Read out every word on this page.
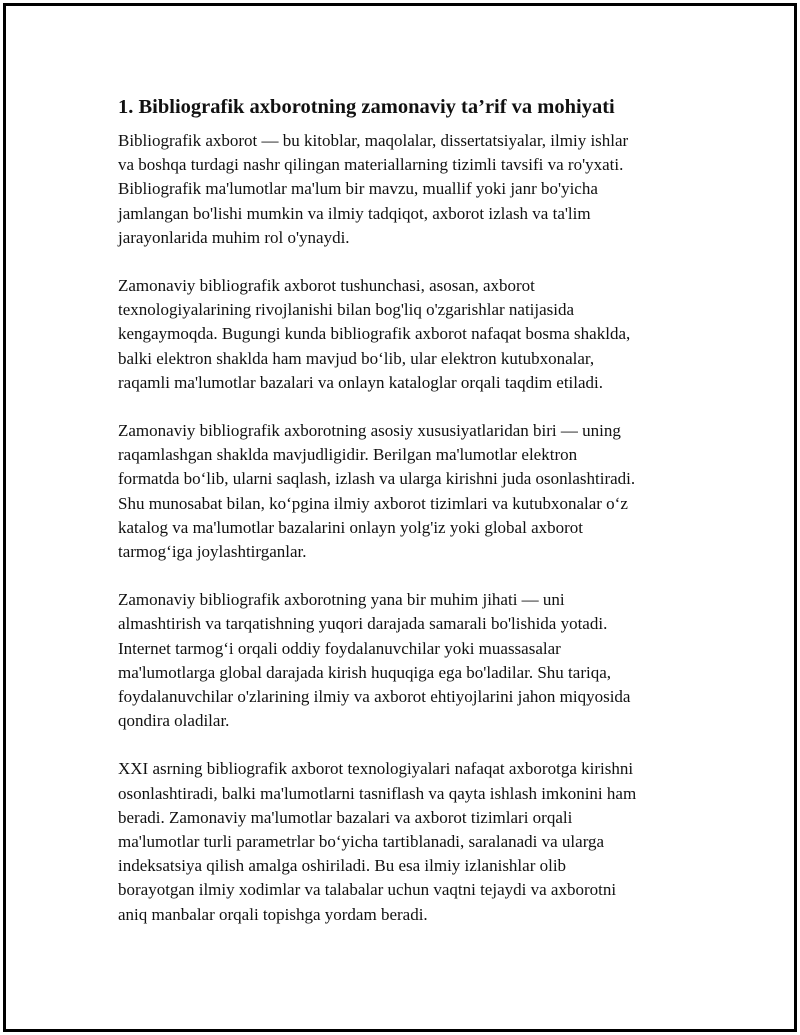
1. Bibliografik axborotning zamonaviy ta’rif va mohiyati

Bibliografik axborot — bu kitoblar, maqolalar, dissertatsiyalar, ilmiy ishlar
va boshqa turdagi nashr qilingan materiallarning tizimli tavsifi va ro'yxati.
Bibliografik ma'lumotlar ma'lum bir mavzu, muallif yoki janr bo'yicha
jamlangan bo'lishi mumkin va ilmiy tadqiqot, axborot izlash va ta'lim
jarayonlarida muhim rol o'ynaydi.

Zamonaviy bibliografik axborot tushunchasi, asosan, axborot
texnologiyalarining rivojlanishi bilan bog'liq o'zgarishlar natijasida
kengaymoqda. Bugungi kunda bibliografik axborot nafaqat bosma shaklda,
balki elektron shaklda ham mavjud bo‘lib, ular elektron kutubxonalar,
raqamli ma'lumotlar bazalari va onlayn kataloglar orqali taqdim etiladi.

Zamonaviy bibliografik axborotning asosiy xususiyatlaridan biri — uning
raqamlashgan shaklda mavjudligidir. Berilgan ma'lumotlar elektron
formatda bo‘lib, ularni saqlash, izlash va ularga kirishni juda osonlashtiradi.
Shu munosabat bilan, ko‘pgina ilmiy axborot tizimlari va kutubxonalar o‘z
katalog va ma'lumotlar bazalarini onlayn yolg'iz yoki global axborot
tarmog‘iga joylashtirganlar.

Zamonaviy bibliografik axborotning yana bir muhim jihati — uni
almashtirish va tarqatishning yuqori darajada samarali bo'lishida yotadi.
Internet tarmog‘i orqali oddiy foydalanuvchilar yoki muassasalar
ma'lumotlarga global darajada kirish huquqiga ega bo'ladilar. Shu tariqa,
foydalanuvchilar o'zlarining ilmiy va axborot ehtiyojlarini jahon miqyosida
qondira oladilar.

XXI asrning bibliografik axborot texnologiyalari nafaqat axborotga kirishni
osonlashtiradi, balki ma'lumotlarni tasniflash va qayta ishlash imkonini ham
beradi. Zamonaviy ma'lumotlar bazalari va axborot tizimlari orqali
ma'lumotlar turli parametrlar bo‘yicha tartiblanadi, saralanadi va ularga
indeksatsiya qilish amalga oshiriladi. Bu esa ilmiy izlanishlar olib
borayotgan ilmiy xodimlar va talabalar uchun vaqtni tejaydi va axborotni
aniq manbalar orqali topishga yordam beradi.
